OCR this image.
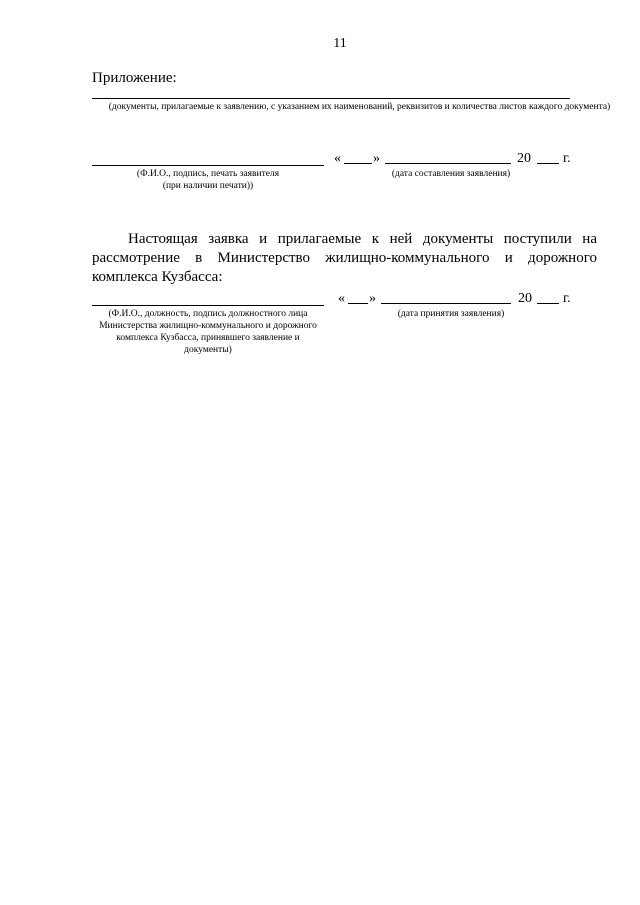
11
Приложение:
(документы, прилагаемые к заявлению, с указанием их наименований, реквизитов и количества листов каждого документа)
(Ф.И.О., подпись, печать заявителя
(при наличии печати))
« »	20 г.
(дата составления заявления)
Настоящая заявка и прилагаемые к ней документы поступили на рассмотрение в Министерство жилищно-коммунального и дорожного комплекса Кузбасса:
(Ф.И.О., должность, подпись должностного лица Министерства жилищно-коммунального и дорожного комплекса Кузбасса, принявшего заявление и документы)
« »	20 г.
(дата принятия заявления)
